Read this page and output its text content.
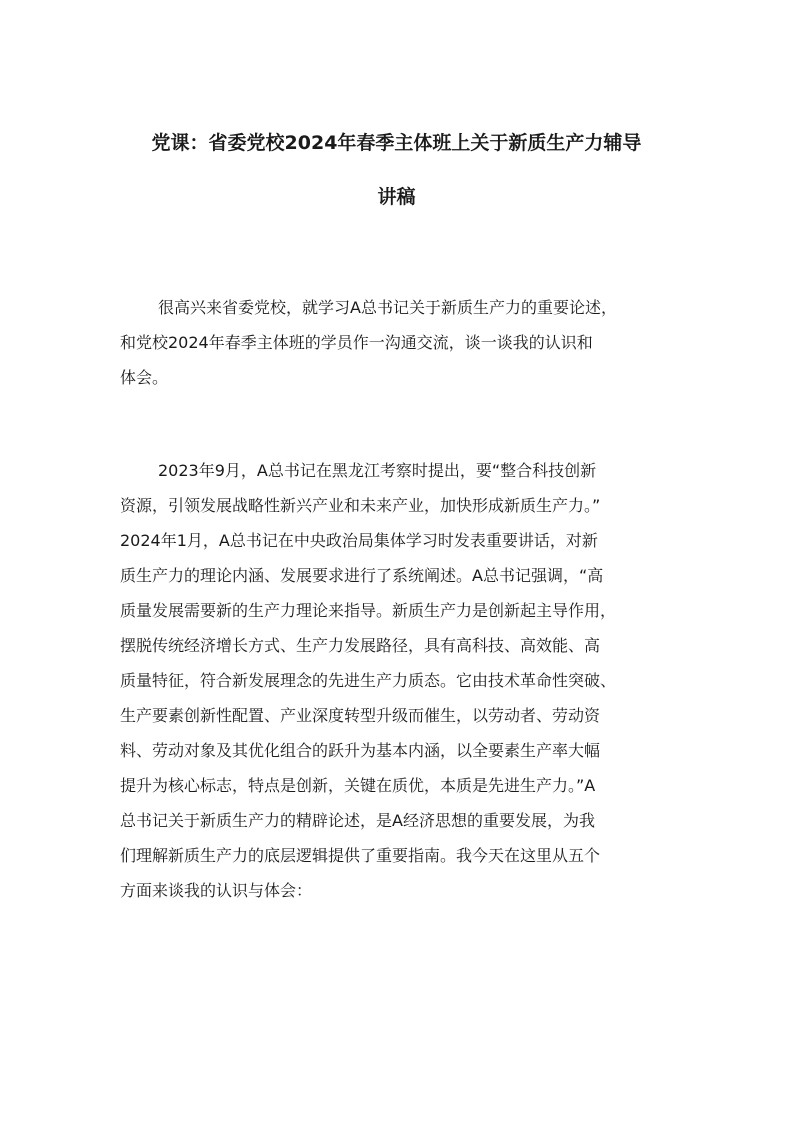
党课：省委党校2024年春季主体班上关于新质生产力辅导
讲稿

很高兴来省委党校，就学习A总书记关于新质生产力的重要论述，
和党校2024年春季主体班的学员作一沟通交流，谈一谈我的认识和
体会。

2023年9月，A总书记在黑龙江考察时提出，要“整合科技创新
资源，引领发展战略性新兴产业和未来产业，加快形成新质生产力。”
2024年1月，A总书记在中央政治局集体学习时发表重要讲话，对新
质生产力的理论内涵、发展要求进行了系统阐述。A总书记强调，“高
质量发展需要新的生产力理论来指导。新质生产力是创新起主导作用，
摆脱传统经济增长方式、生产力发展路径，具有高科技、高效能、高
质量特征，符合新发展理念的先进生产力质态。它由技术革命性突破、
生产要素创新性配置、产业深度转型升级而催生，以劳动者、劳动资
料、劳动对象及其优化组合的跃升为基本内涵，以全要素生产率大幅
提升为核心标志，特点是创新，关键在质优，本质是先进生产力。”A
总书记关于新质生产力的精辟论述，是A经济思想的重要发展，为我
们理解新质生产力的底层逻辑提供了重要指南。我今天在这里从五个
方面来谈我的认识与体会：
